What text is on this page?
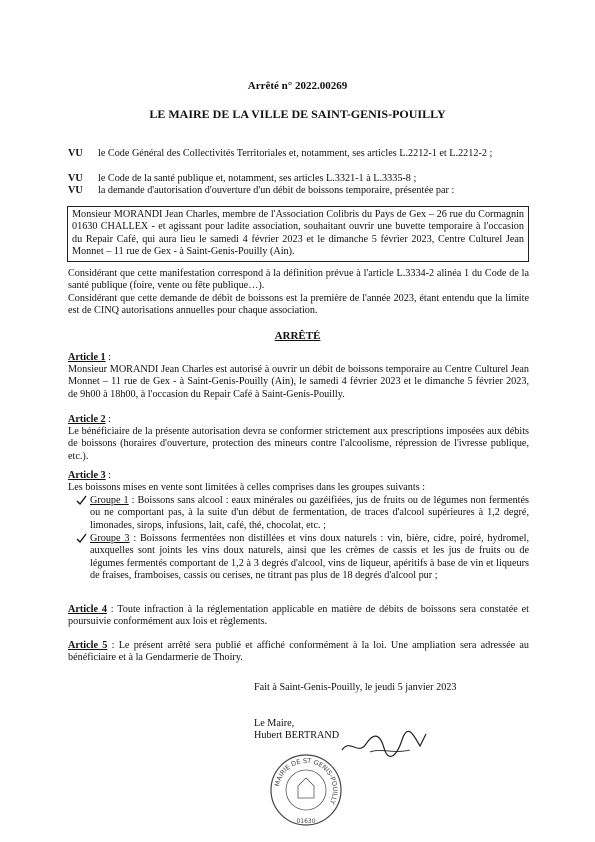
Arrêté n° 2022.00269
LE MAIRE DE LA VILLE DE SAINT-GENIS-POUILLY
VU	le Code Général des Collectivités Territoriales et, notamment, ses articles L.2212-1 et L.2212-2 ;
VU	le Code de la santé publique et, notamment, ses articles L.3321-1 à L.3335-8 ;
VU	la demande d'autorisation d'ouverture d'un débit de boissons temporaire, présentée par :
Monsieur MORANDI Jean Charles, membre de l'Association Colibris du Pays de Gex – 26 rue du Cormagnin 01630 CHALLEX - et agissant pour ladite association, souhaitant ouvrir une buvette temporaire à l'occasion du Repair Café, qui aura lieu le samedi 4 février 2023 et le dimanche 5 février 2023, Centre Culturel Jean Monnet – 11 rue de Gex - à Saint-Genis-Pouilly (Ain).
Considérant que cette manifestation correspond à la définition prévue à l'article L.3334-2 alinéa 1 du Code de la santé publique (foire, vente ou fête publique…).
Considérant que cette demande de débit de boissons est la première de l'année 2023, étant entendu que la limite est de CINQ autorisations annuelles pour chaque association.
ARRÊTÉ
Article 1 :
Monsieur MORANDI Jean Charles est autorisé à ouvrir un débit de boissons temporaire au Centre Culturel Jean Monnet – 11 rue de Gex - à Saint-Genis-Pouilly (Ain), le samedi 4 février 2023 et le dimanche 5 février 2023, de 9h00 à 18h00, à l'occasion du Repair Café à Saint-Genis-Pouilly.
Article 2 :
Le bénéficiaire de la présente autorisation devra se conformer strictement aux prescriptions imposées aux débits de boissons (horaires d'ouverture, protection des mineurs contre l'alcoolisme, répression de l'ivresse publique, etc.).
Article 3 :
Les boissons mises en vente sont limitées à celles comprises dans les groupes suivants :
Groupe 1 : Boissons sans alcool : eaux minérales ou gazéifiées, jus de fruits ou de légumes non fermentés ou ne comportant pas, à la suite d'un début de fermentation, de traces d'alcool supérieures à 1,2 degré, limonades, sirops, infusions, lait, café, thé, chocolat, etc. ;
Groupe 3 : Boissons fermentées non distillées et vins doux naturels : vin, bière, cidre, poiré, hydromel, auxquelles sont joints les vins doux naturels, ainsi que les crèmes de cassis et les jus de fruits ou de légumes fermentés comportant de 1,2 à 3 degrés d'alcool, vins de liqueur, apéritifs à base de vin et liqueurs de fraises, framboises, cassis ou cerises, ne titrant pas plus de 18 degrés d'alcool pur ;
Article 4 : Toute infraction à la réglementation applicable en matière de débits de boissons sera constatée et poursuivie conformément aux lois et règlements.
Article 5 : Le présent arrêté sera publié et affiché conformément à la loi. Une ampliation sera adressée au bénéficiaire et à la Gendarmerie de Thoiry.
Fait à Saint-Genis-Pouilly, le jeudi 5 janvier 2023
Le Maire,
Hubert BERTRAND
MAIRIE DE ST GENIS-POUILLY
01630
